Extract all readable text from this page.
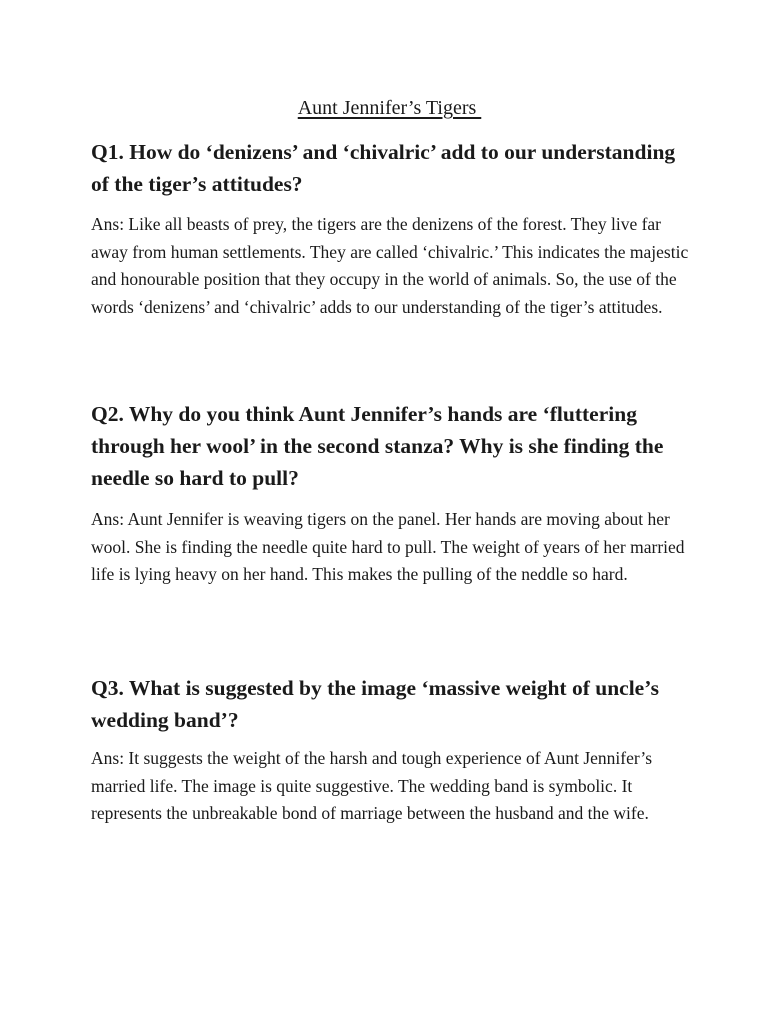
Aunt Jennifer’s Tigers

Q1. How do ‘denizens’ and ‘chivalric’ add to our understanding of the tiger’s attitudes?

Ans: Like all beasts of prey, the tigers are the denizens of the forest. They live far away from human settlements. They are called ‘chivalric.’ This indicates the majestic and honourable position that they occupy in the world of animals. So, the use of the words ‘denizens’ and ‘chivalric’ adds to our understanding of the tiger’s attitudes.

Q2. Why do you think Aunt Jennifer’s hands are ‘fluttering through her wool’ in the second stanza? Why is she finding the needle so hard to pull?

Ans: Aunt Jennifer is weaving tigers on the panel. Her hands are moving about her wool. She is finding the needle quite hard to pull. The weight of years of her married life is lying heavy on her hand. This makes the pulling of the neddle so hard.

Q3. What is suggested by the image ‘massive weight of uncle’s wedding band’?

Ans: It suggests the weight of the harsh and tough experience of Aunt Jennifer’s married life. The image is quite suggestive. The wedding band is symbolic. It represents the unbreakable bond of marriage between the husband and the wife.
